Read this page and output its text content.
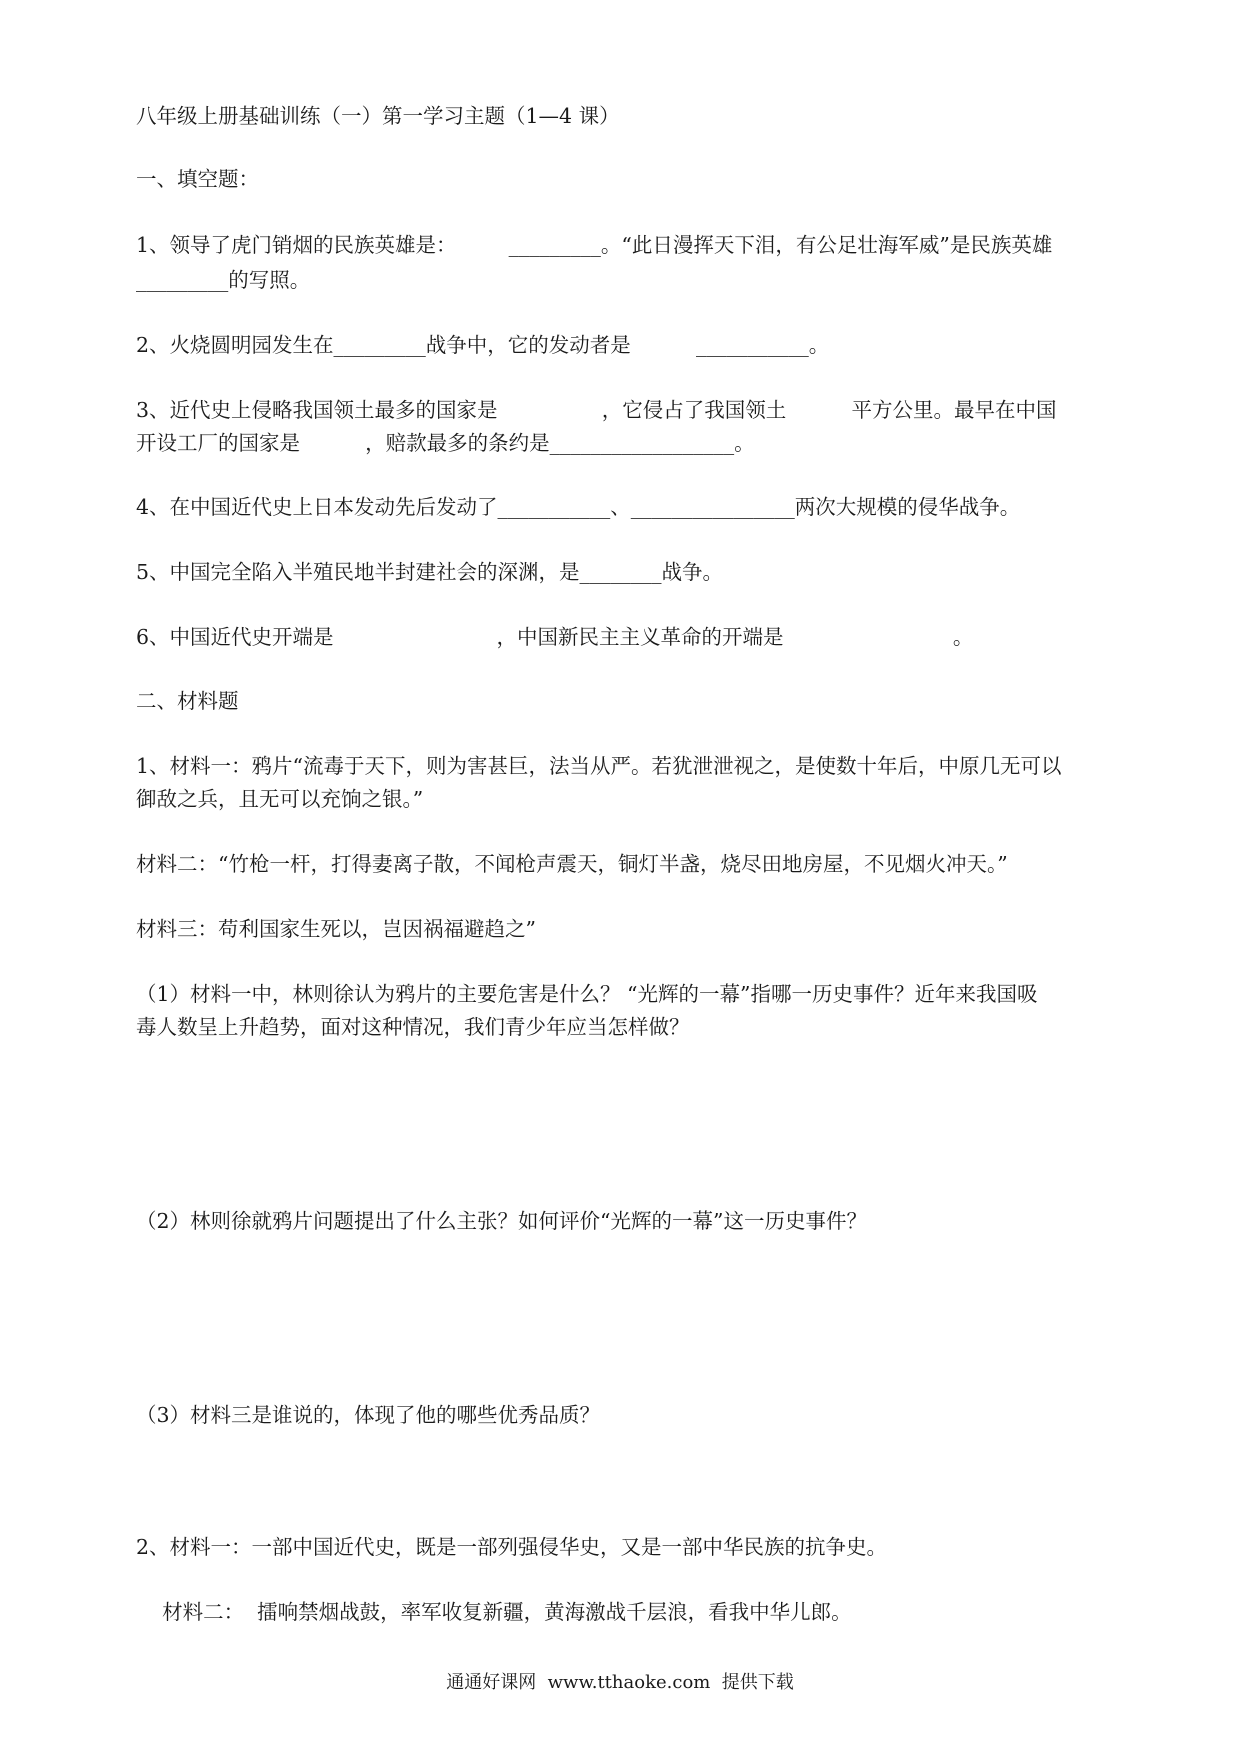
八年级上册基础训练（一）第一学习主题（1—4 课）
一、填空题：
1、领导了虎门销烟的民族英雄是：        _________。“此日漫挥天下泪，有公足壮海军威”是民族英雄
_________的写照。
2、火烧圆明园发生在_________战争中，它的发动者是          ___________。
3、近代史上侵略我国领土最多的国家是                ，它侵占了我国领土          平方公里。最早在中国
开设工厂的国家是          ，赔款最多的条约是__________________。
4、在中国近代史上日本发动先后发动了___________、________________两次大规模的侵华战争。
5、中国完全陷入半殖民地半封建社会的深渊，是________战争。
6、中国近代史开端是                         ，中国新民主主义革命的开端是                          。
二、材料题
1、材料一：鸦片“流毒于天下，则为害甚巨，法当从严。若犹泄泄视之，是使数十年后，中原几无可以
御敌之兵，且无可以充饷之银。”
材料二：“竹枪一杆，打得妻离子散，不闻枪声震天，铜灯半盏，烧尽田地房屋，不见烟火冲天。”
材料三：苟利国家生死以，岂因祸福避趋之”
（1）材料一中，林则徐认为鸦片的主要危害是什么？ “光辉的一幕”指哪一历史事件？近年来我国吸
毒人数呈上升趋势，面对这种情况，我们青少年应当怎样做？
（2）林则徐就鸦片问题提出了什么主张？如何评价“光辉的一幕”这一历史事件？
（3）材料三是谁说的，体现了他的哪些优秀品质？
2、材料一：一部中国近代史，既是一部列强侵华史，又是一部中华民族的抗争史。
材料二：  擂响禁烟战鼓，率军收复新疆，黄海激战千层浪，看我中华儿郎。
通通好课网  www.tthaoke.com  提供下载
